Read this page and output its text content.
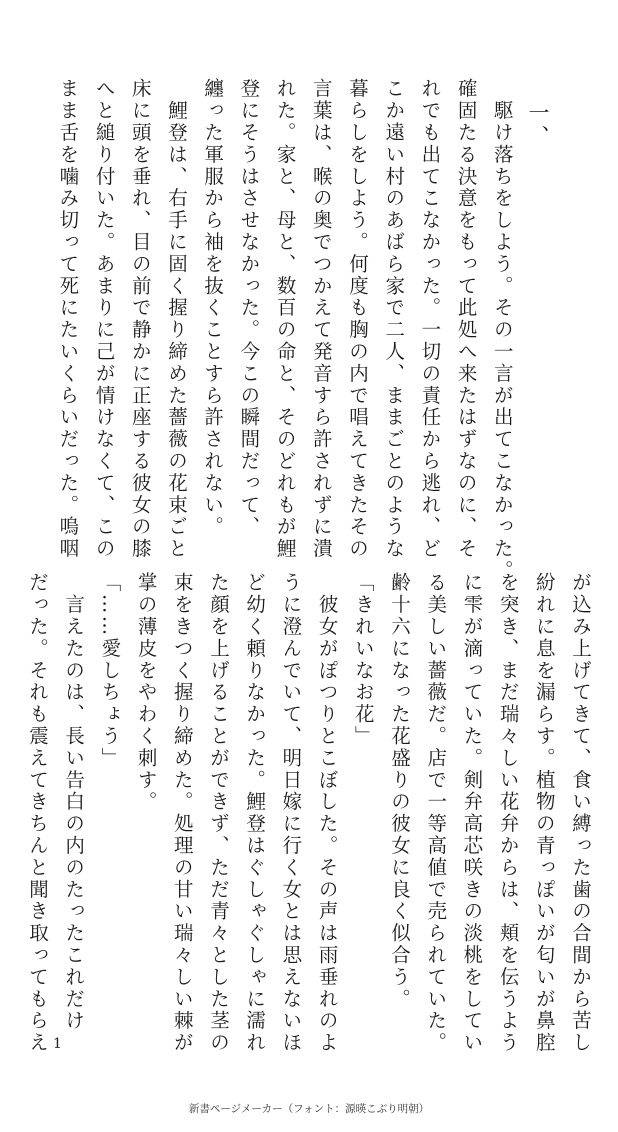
　一、

　駆け落ちをしよう。その一言が出てこなかった。

確固たる決意をもって此処へ来たはずなのに、そ

れでも出てこなかった。一切の責任から逃れ、ど

こか遠い村のあばら家で二人、ままごとのような

暮らしをしよう。何度も胸の内で唱えてきたその

言葉は、喉の奥でつかえて発音すら許されずに潰

れた。家と、母と、数百の命と、そのどれもが鯉

登にそうはさせなかった。今この瞬間だって、

纏った軍服から袖を抜くことすら許されない。

　鯉登は、右手に固く握り締めた薔薇の花束ごと

床に頭を垂れ、目の前で静かに正座する彼女の膝

へと縋り付いた。あまりに己が情けなくて、この

まま舌を噛み切って死にたいくらいだった。嗚咽

が込み上げてきて、食い縛った歯の合間から苦し

紛れに息を漏らす。植物の青っぽいが匂いが鼻腔

を突き、まだ瑞々しい花弁からは、頬を伝うよう

に雫が滴っていた。剣弁高芯咲きの淡桃をしてい

る美しい薔薇だ。店で一等高値で売られていた。

齢十六になった花盛りの彼女に良く似合う。

「きれいなお花」

　彼女がぽつりとこぼした。その声は雨垂れのよ

うに澄んでいて、明日嫁に行く女とは思えないほ

ど幼く頼りなかった。鯉登はぐしゃぐしゃに濡れ

た顔を上げることができず、ただ青々とした茎の

束をきつく握り締めた。処理の甘い瑞々しい棘が

掌の薄皮をやわく刺す。

「……愛しちょう」

　言えたのは、長い告白の内のたったこれだけ

だった。それも震えてきちんと聞き取ってもらえ 1
新書ページメーカー（フォント：源暎こぶり明朝）
